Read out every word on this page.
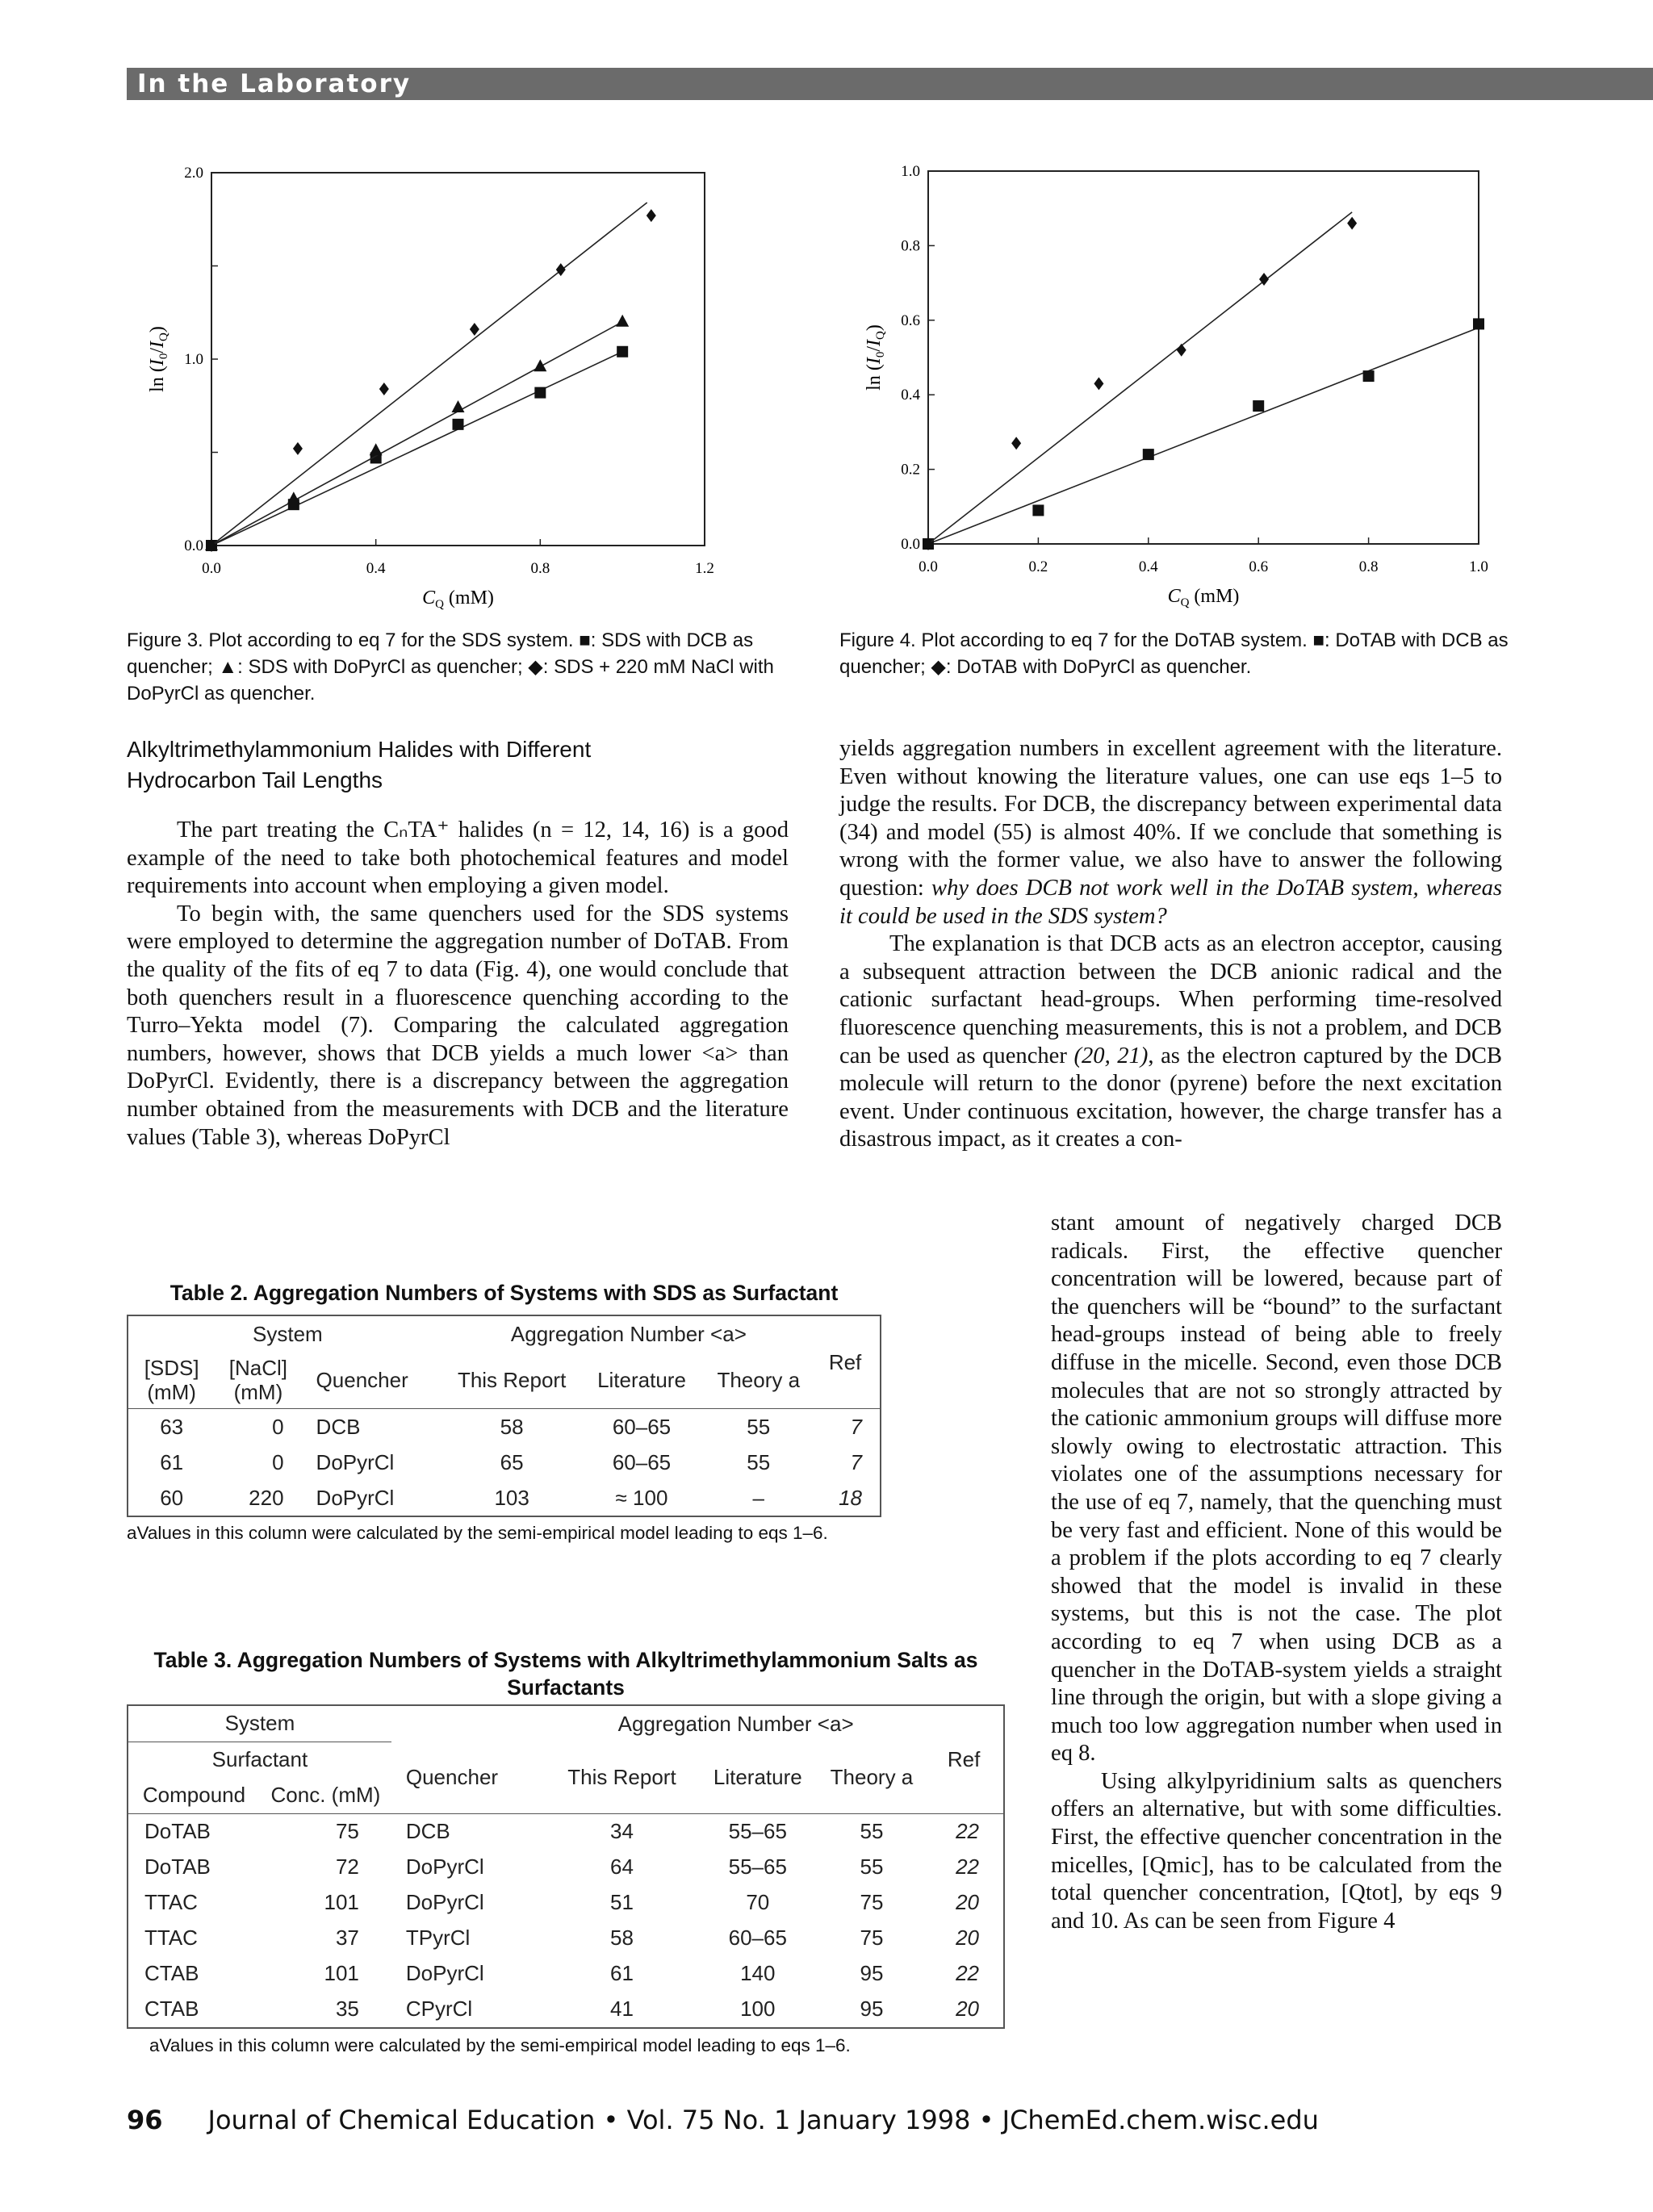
In the Laboratory
0.0	0.4	0.8	1.2
0.0
1.0
2.0
$C_Q$ (mM)
$\ln (I_0/I_Q)$
Figure 3. Plot according to eq 7 for the SDS system. ■: SDS with DCB as quencher; ▲: SDS with DoPyrCl as quencher; ◆: SDS + 220 mM NaCl with DoPyrCl as quencher.
0.0	0.2	0.4	0.6	0.8	1.0
0.0
0.2
0.4
0.6
0.8
1.0
$C_Q$ (mM)
$\ln (I_0/I_Q)$
Figure 4. Plot according to eq 7 for the DoTAB system. ■: DoTAB with DCB as quencher; ◆: DoTAB with DoPyrCl as quencher.
Alkyltrimethylammonium Halides with Different Hydrocarbon Tail Lengths

The part treating the CₙTA⁺ halides (n = 12, 14, 16) is a good example of the need to take both photochemical features and model requirements into account when employing a given model.

To begin with, the same quenchers used for the SDS systems were employed to determine the aggregation number of DoTAB. From the quality of the fits of eq 7 to data (Fig. 4), one would conclude that both quenchers result in a fluorescence quenching according to the Turro–Yekta model (7). Comparing the calculated aggregation numbers, however, shows that DCB yields a much lower <a> than DoPyrCl. Evidently, there is a discrepancy between the aggregation number obtained from the measurements with DCB and the literature values (Table 3), whereas DoPyrCl

yields aggregation numbers in excellent agreement with the literature. Even without knowing the literature values, one can use eqs 1–5 to judge the results. For DCB, the discrepancy between experimental data (34) and model (55) is almost 40%. If we conclude that something is wrong with the former value, we also have to answer the following question: why does DCB not work well in the DoTAB system, whereas it could be used in the SDS system?

The explanation is that DCB acts as an electron acceptor, causing a subsequent attraction between the DCB anionic radical and the cationic surfactant head-groups. When performing time-resolved fluorescence quenching measurements, this is not a problem, and DCB can be used as quencher (20, 21), as the electron captured by the DCB molecule will return to the donor (pyrene) before the next excitation event. Under continuous excitation, however, the charge transfer has a disastrous impact, as it creates a con-

stant amount of negatively charged DCB radicals. First, the effective quencher concentration will be lowered, because part of the quenchers will be “bound” to the surfactant head-groups instead of being able to freely diffuse in the micelle. Second, even those DCB molecules that are not so strongly attracted by the cationic ammonium groups will diffuse more slowly owing to electrostatic attraction. This violates one of the assumptions necessary for the use of eq 7, namely, that the quenching must be very fast and efficient. None of this would be a problem if the plots according to eq 7 clearly showed that the model is invalid in these systems, but this is not the case. The plot according to eq 7 when using DCB as a quencher in the DoTAB-system yields a straight line through the origin, but with a slope giving a much too low aggregation number when used in eq 8.

Using alkylpyridinium salts as quenchers offers an alternative, but with some difficulties. First, the effective quencher concentration in the micelles, [Qmic], has to be calculated from the total quencher concentration, [Qtot], by eqs 9 and 10. As can be seen from Figure 4

Table 2. Aggregation Numbers of Systems with SDS as Surfactant
System			Aggregation Number <a>			Ref
[SDS] (mM)	[NaCl] (mM)	Quencher	This Report	Literature	Theory a	
63	0	DCB	58	60–65	55	7
61	0	DoPyrCl	65	60–65	55	7
60	220	DoPyrCl	103	≈ 100	–	18
aValues in this column were calculated by the semi-empirical model leading to eqs 1–6.
Table 3. Aggregation Numbers of Systems with Alkyltrimethylammonium Salts as Surfactants
System			Aggregation Number <a>			Ref
Surfactant		Quencher	This Report	Literature	Theory a	
Compound	Conc. (mM)					
DoTAB	75	DCB	34	55–65	55	22
DoTAB	72	DoPyrCl	64	55–65	55	22
TTAC	101	DoPyrCl	51	70	75	20
TTAC	37	TPyrCl	58	60–65	75	20
CTAB	101	DoPyrCl	61	140	95	22
CTAB	35	CPyrCl	41	100	95	20
aValues in this column were calculated by the semi-empirical model leading to eqs 1–6.
96 Journal of Chemical Education • Vol. 75 No. 1 January 1998 • JChemEd.chem.wisc.edu
